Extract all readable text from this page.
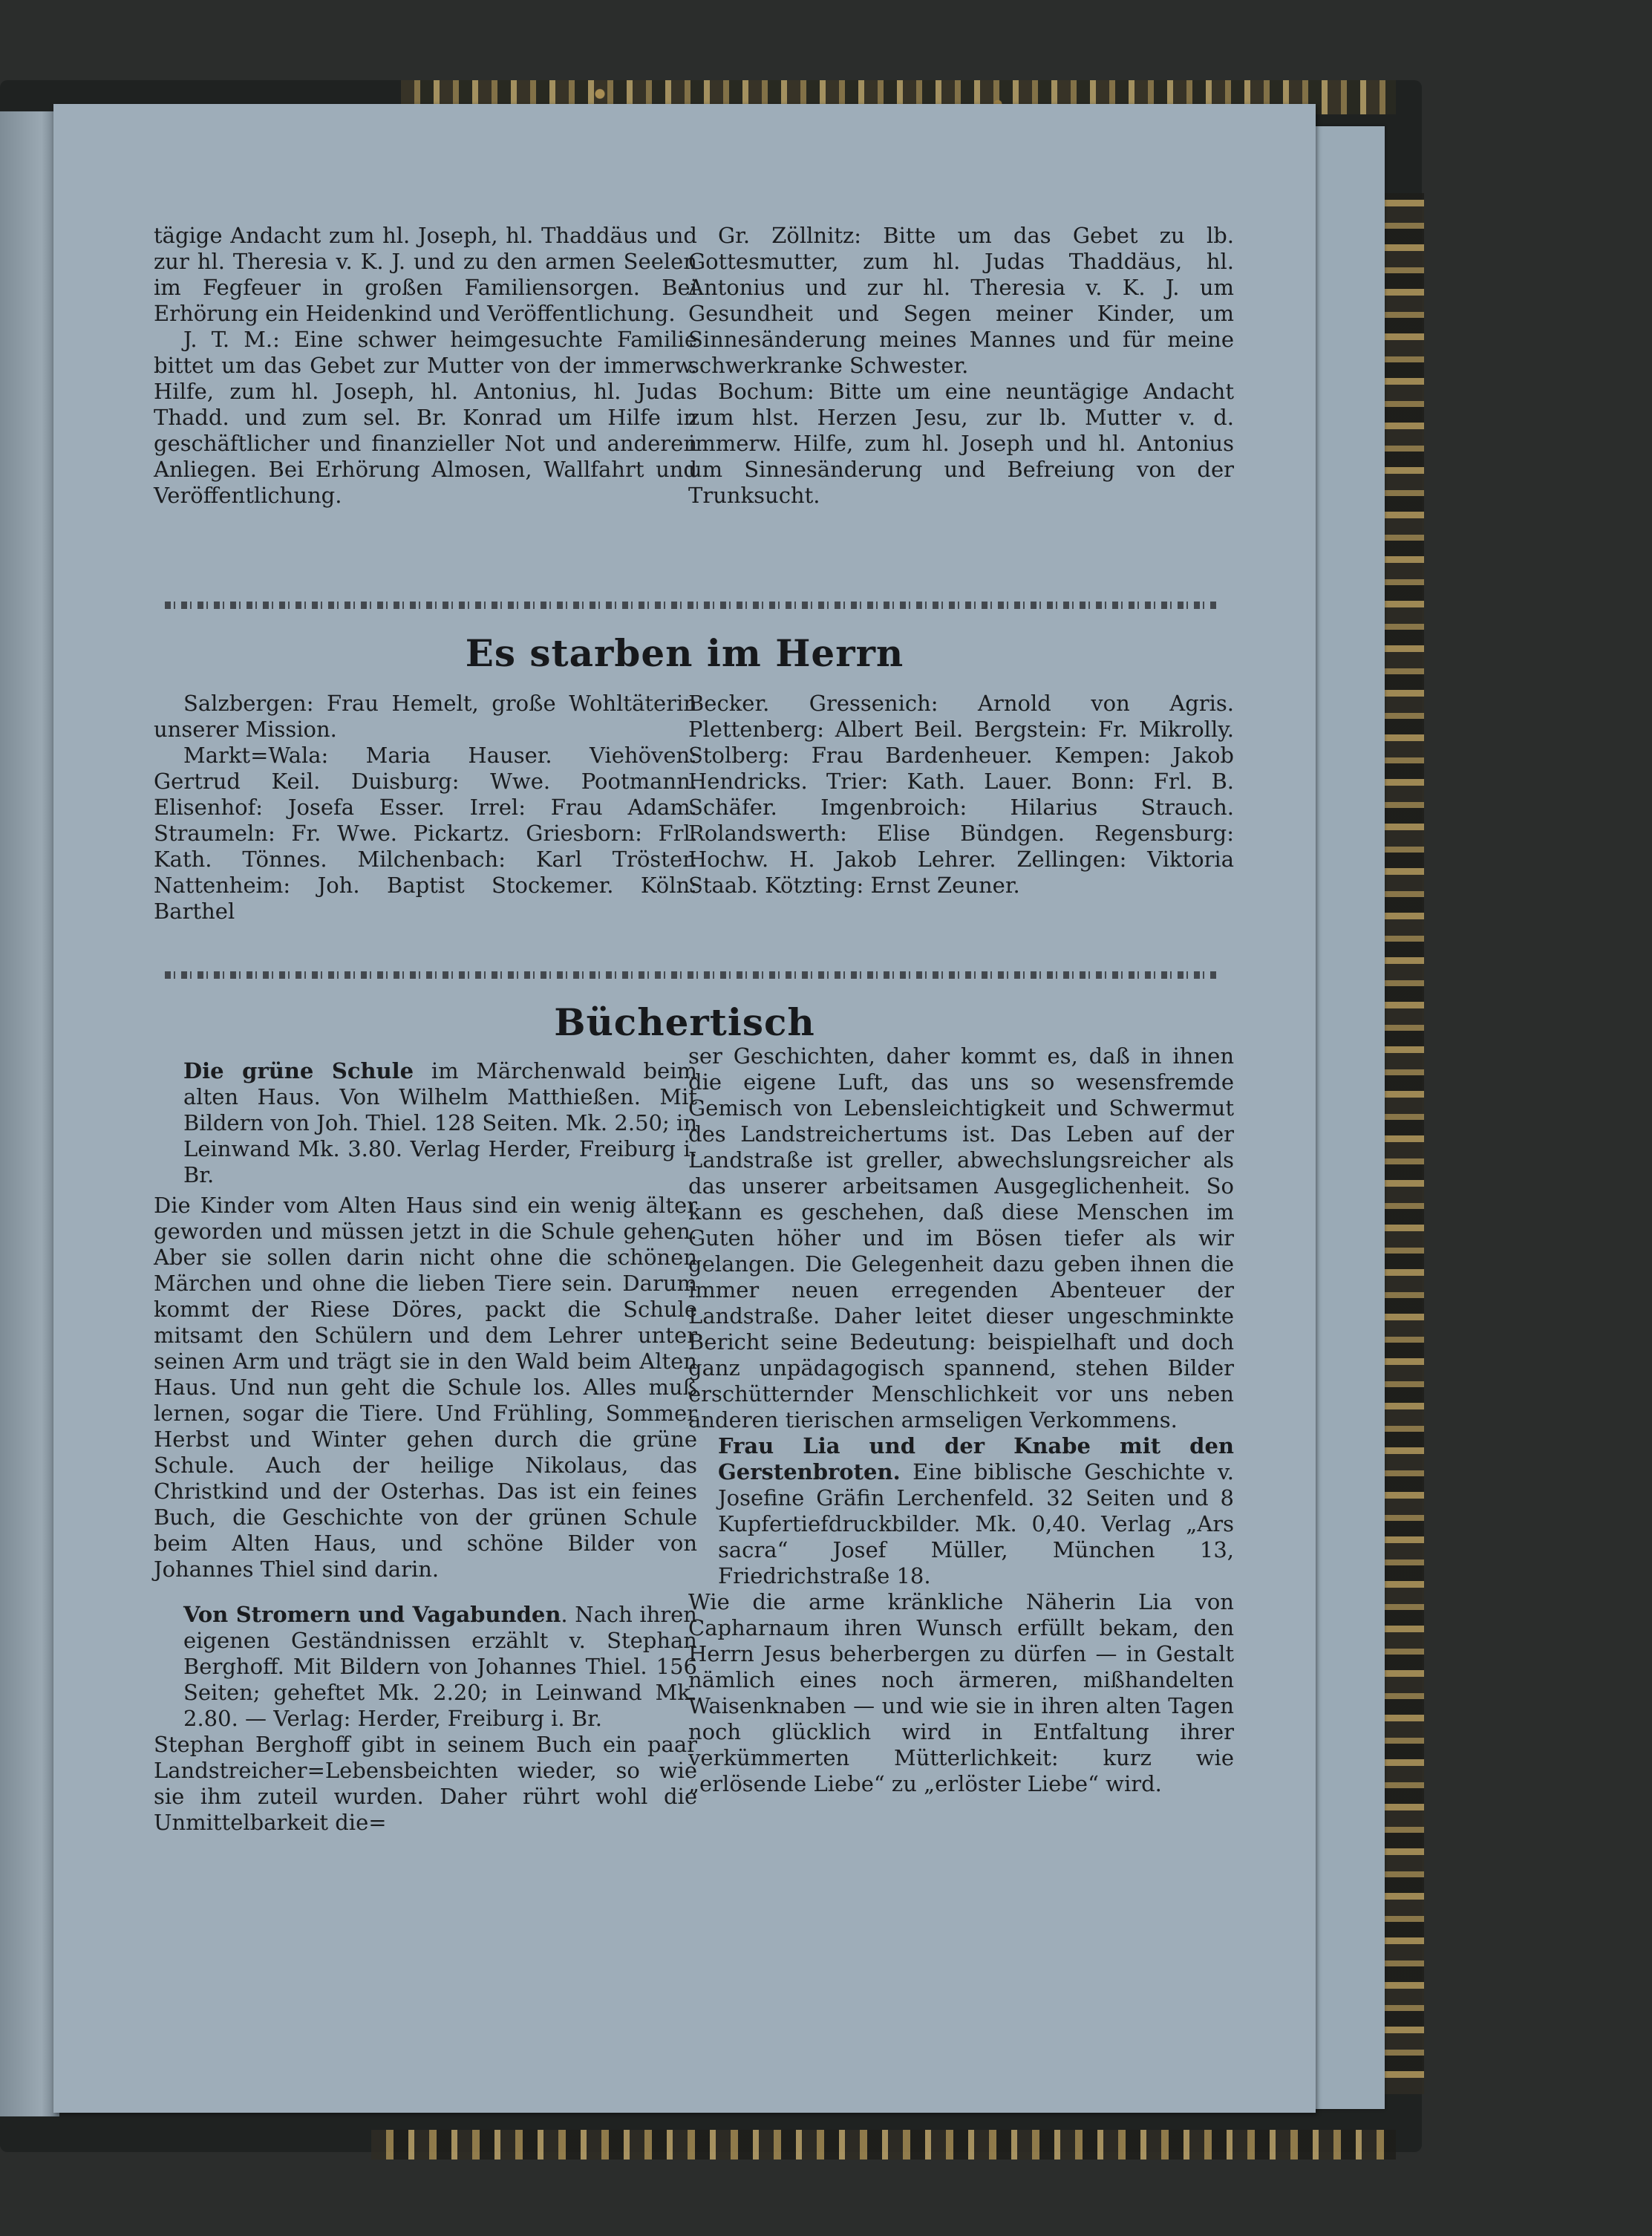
tägige Andacht zum hl. Joseph, hl. Thaddäus und zur hl. Theresia v. K. J. und zu den armen Seelen im Fegfeuer in großen Familiensorgen. Bei Erhörung ein Heidenkind und Veröffentlichung.

J. T. M.: Eine schwer heimgesuchte Familie bittet um das Gebet zur Mutter von der immerw. Hilfe, zum hl. Joseph, hl. Antonius, hl. Judas Thadd. und zum sel. Br. Konrad um Hilfe in geschäftlicher und finanzieller Not und anderen Anliegen. Bei Erhörung Almosen, Wallfahrt und Veröffentlichung.

Gr. Zöllnitz: Bitte um das Gebet zu lb. Gottesmutter, zum hl. Judas Thaddäus, hl. Antonius und zur hl. Theresia v. K. J. um Gesundheit und Segen meiner Kinder, um Sinnesänderung meines Mannes und für meine schwerkranke Schwester.

Bochum: Bitte um eine neuntägige Andacht zum hlst. Herzen Jesu, zur lb. Mutter v. d. immerw. Hilfe, zum hl. Joseph und hl. Antonius um Sinnesänderung und Befreiung von der Trunksucht.

Es starben im Herrn

Salzbergen: Frau Hemelt, große Wohltäterin unserer Mission.

Markt=Wala: Maria Hauser. Viehöven: Gertrud Keil. Duisburg: Wwe. Pootmann. Elisenhof: Josefa Esser. Irrel: Frau Adam. Straumeln: Fr. Wwe. Pickartz. Griesborn: Frl. Kath. Tönnes. Milchenbach: Karl Tröster. Nattenheim: Joh. Baptist Stockemer. Köln: Barthel

Becker. Gressenich: Arnold von Agris. Plettenberg: Albert Beil. Bergstein: Fr. Mikrolly. Stolberg: Frau Bardenheuer. Kempen: Jakob Hendricks. Trier: Kath. Lauer. Bonn: Frl. B. Schäfer. Imgenbroich: Hilarius Strauch. Rolandswerth: Elise Bündgen. Regensburg: Hochw. H. Jakob Lehrer. Zellingen: Viktoria Staab. Kötzting: Ernst Zeuner.

Büchertisch

Die grüne Schule im Märchenwald beim alten Haus. Von Wilhelm Matthießen. Mit Bildern von Joh. Thiel. 128 Seiten. Mk. 2.50; in Leinwand Mk. 3.80. Verlag Herder, Freiburg i. Br.

Die Kinder vom Alten Haus sind ein wenig älter geworden und müssen jetzt in die Schule gehen. Aber sie sollen darin nicht ohne die schönen Märchen und ohne die lieben Tiere sein. Darum kommt der Riese Döres, packt die Schule mitsamt den Schülern und dem Lehrer unter seinen Arm und trägt sie in den Wald beim Alten Haus. Und nun geht die Schule los. Alles muß lernen, sogar die Tiere. Und Frühling, Sommer Herbst und Winter gehen durch die grüne Schule. Auch der heilige Nikolaus, das Christkind und der Osterhas. Das ist ein feines Buch, die Geschichte von der grünen Schule beim Alten Haus, und schöne Bilder von Johannes Thiel sind darin.

Von Stromern und Vagabunden. Nach ihren eigenen Geständnissen erzählt v. Stephan Berghoff. Mit Bildern von Johannes Thiel. 156 Seiten; geheftet Mk. 2.20; in Leinwand Mk. 2.80. — Verlag: Herder, Freiburg i. Br.

Stephan Berghoff gibt in seinem Buch ein paar Landstreicher=Lebensbeichten wieder, so wie sie ihm zuteil wurden. Daher rührt wohl die Unmittelbarkeit die=

ser Geschichten, daher kommt es, daß in ihnen die eigene Luft, das uns so wesensfremde Gemisch von Lebensleichtigkeit und Schwermut des Landstreichertums ist. Das Leben auf der Landstraße ist greller, abwechslungsreicher als das unserer arbeitsamen Ausgeglichenheit. So kann es geschehen, daß diese Menschen im Guten höher und im Bösen tiefer als wir gelangen. Die Gelegenheit dazu geben ihnen die immer neuen erregenden Abenteuer der Landstraße. Daher leitet dieser ungeschminkte Bericht seine Bedeutung: beispielhaft und doch ganz unpädagogisch spannend, stehen Bilder erschütternder Menschlichkeit vor uns neben anderen tierischen armseligen Verkommens.

Frau Lia und der Knabe mit den Gerstenbroten. Eine biblische Geschichte v. Josefine Gräfin Lerchenfeld. 32 Seiten und 8 Kupfertiefdruckbilder. Mk. 0,40. Verlag „Ars sacra“ Josef Müller, München 13, Friedrichstraße 18.

Wie die arme kränkliche Näherin Lia von Capharnaum ihren Wunsch erfüllt bekam, den Herrn Jesus beherbergen zu dürfen — in Gestalt nämlich eines noch ärmeren, mißhandelten Waisenknaben — und wie sie in ihren alten Tagen noch glücklich wird in Entfaltung ihrer verkümmerten Mütterlichkeit: kurz wie „erlösende Liebe“ zu „erlöster Liebe“ wird.
